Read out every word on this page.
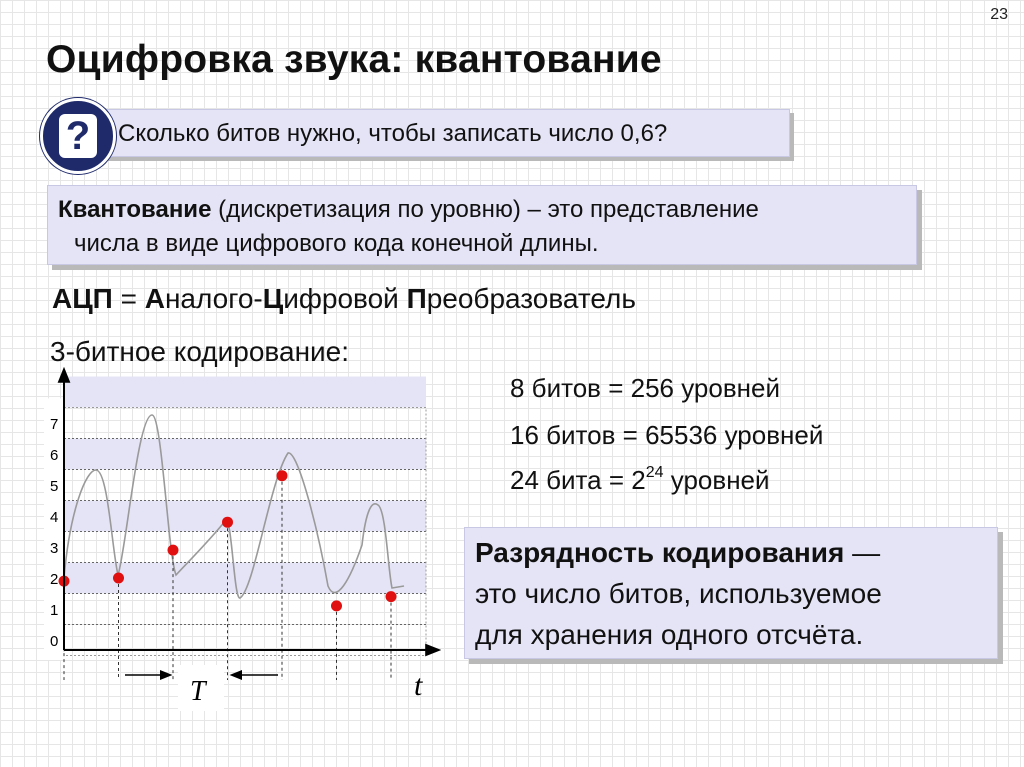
23
Оцифровка звука: квантование
? Сколько битов нужно, чтобы записать число 0,6?
Квантование (дискретизация по уровню) – это представление
числа в виде цифрового кода конечной длины.
АЦП = Аналого-Цифровой Преобразователь
3-битное кодирование:
8 битов = 256 уровней
16 битов = 65536 уровней
24 бита = $2^{24}$ уровней
Разрядность кодирования —
это число битов, используемое
для хранения одного отсчёта.
0
1
2
3
4
5
6
7
t
T
